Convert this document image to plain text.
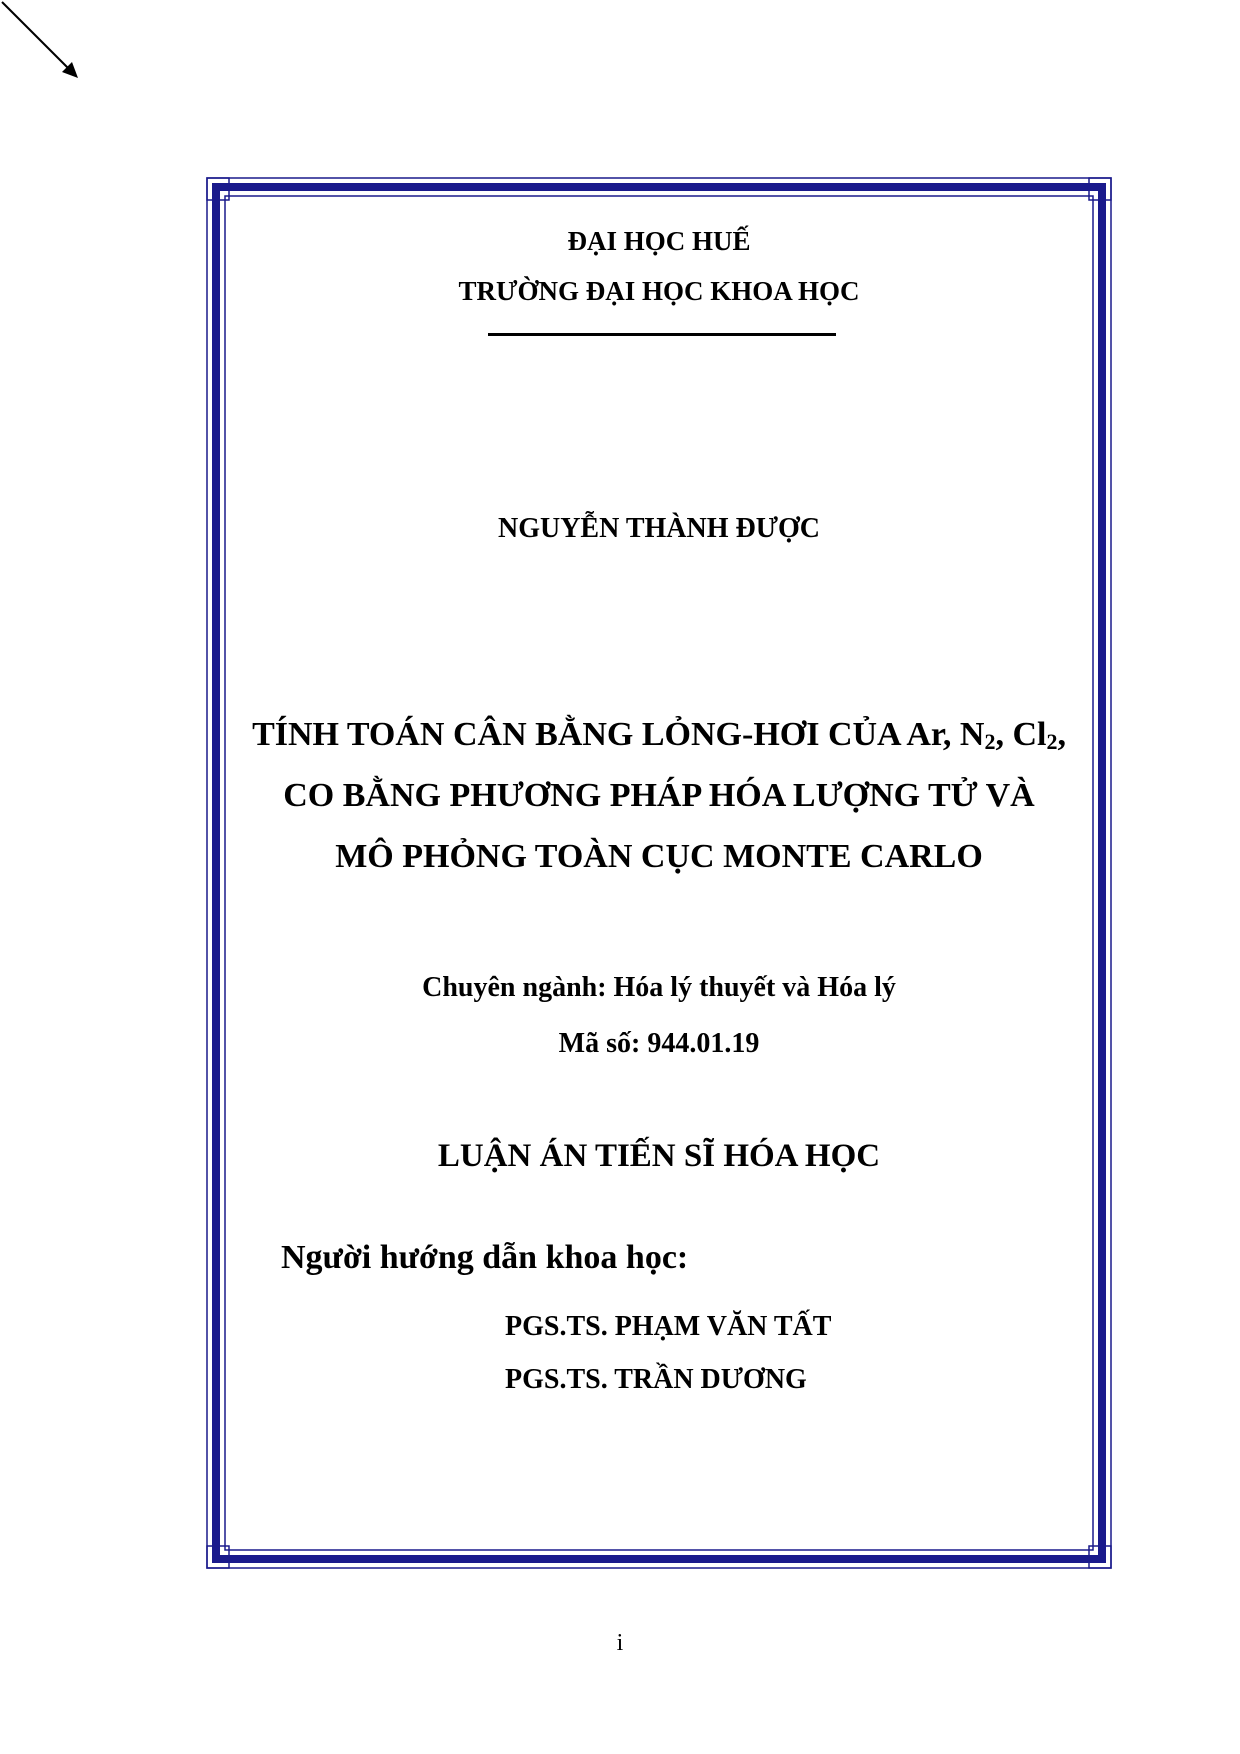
ĐẠI HỌC HUẾ
TRƯỜNG ĐẠI HỌC KHOA HỌC
NGUYỄN THÀNH ĐƯỢC
TÍNH TOÁN CÂN BẰNG LỎNG-HƠI CỦA Ar, N2, Cl2,
CO BẰNG PHƯƠNG PHÁP HÓA LƯỢNG TỬ VÀ
MÔ PHỎNG TOÀN CỤC MONTE CARLO
Chuyên ngành: Hóa lý thuyết và Hóa lý
Mã số: 944.01.19
LUẬN ÁN TIẾN SĨ HÓA HỌC
Người hướng dẫn khoa học:
PGS.TS. PHẠM VĂN TẤT
PGS.TS. TRẦN DƯƠNG
i
